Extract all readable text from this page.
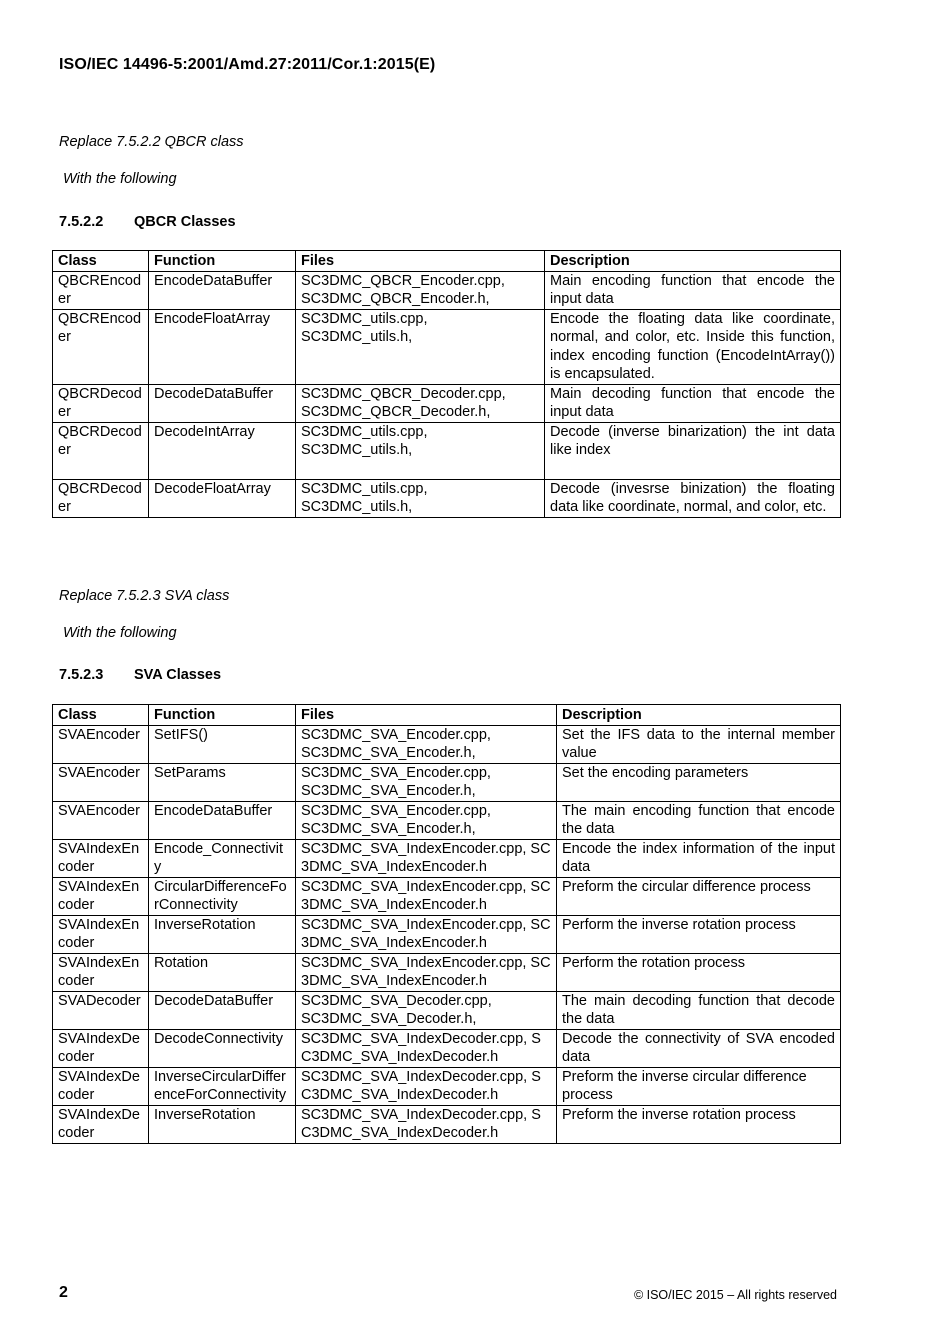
ISO/IEC 14496-5:2001/Amd.27:2011/Cor.1:2015(E)
Replace 7.5.2.2 QBCR class
With the following
7.5.2.2 QBCR Classes
Class	Function	Files	Description
QBCREncoder	EncodeDataBuffer	SC3DMC_QBCR_Encoder.cpp, SC3DMC_QBCR_Encoder.h,	Main encoding function that encode the input data
QBCREncoder	EncodeFloatArray	SC3DMC_utils.cpp, SC3DMC_utils.h,	Encode the floating data like coordinate, normal, and color, etc. Inside this function, index encoding function (EncodeIntArray()) is encapsulated.
QBCRDecoder	DecodeDataBuffer	SC3DMC_QBCR_Decoder.cpp, SC3DMC_QBCR_Decoder.h,	Main decoding function that encode the input data
QBCRDecoder	DecodeIntArray	SC3DMC_utils.cpp, SC3DMC_utils.h,	Decode (inverse binarization) the int data like index
QBCRDecoder	DecodeFloatArray	SC3DMC_utils.cpp, SC3DMC_utils.h,	Decode (invesrse binization) the floating data like coordinate, normal, and color, etc.
Replace 7.5.2.3 SVA class
With the following
7.5.2.3 SVA Classes
Class	Function	Files	Description
SVAEncoder	SetIFS()	SC3DMC_SVA_Encoder.cpp, SC3DMC_SVA_Encoder.h,	Set the IFS data to the internal member value
SVAEncoder	SetParams	SC3DMC_SVA_Encoder.cpp, SC3DMC_SVA_Encoder.h,	Set the encoding parameters
SVAEncoder	EncodeDataBuffer	SC3DMC_SVA_Encoder.cpp, SC3DMC_SVA_Encoder.h,	The main encoding function that encode the data
SVAIndexEncoder	Encode_Connectivity	SC3DMC_SVA_IndexEncoder.cpp, SC3DMC_SVA_IndexEncoder.h	Encode the index information of the input data
SVAIndexEncoder	CircularDifferenceForConnectivity	SC3DMC_SVA_IndexEncoder.cpp, SC3DMC_SVA_IndexEncoder.h	Preform the circular difference process
SVAIndexEncoder	InverseRotation	SC3DMC_SVA_IndexEncoder.cpp, SC3DMC_SVA_IndexEncoder.h	Perform the inverse rotation process
SVAIndexEncoder	Rotation	SC3DMC_SVA_IndexEncoder.cpp, SC3DMC_SVA_IndexEncoder.h	Perform the rotation process
SVADecoder	DecodeDataBuffer	SC3DMC_SVA_Decoder.cpp, SC3DMC_SVA_Decoder.h,	The main decoding function that decode the data
SVAIndexDecoder	DecodeConnectivity	SC3DMC_SVA_IndexDecoder.cpp, SC3DMC_SVA_IndexDecoder.h	Decode the connectivity of SVA encoded data
SVAIndexDecoder	InverseCircularDifferenceForConnectivity	SC3DMC_SVA_IndexDecoder.cpp, SC3DMC_SVA_IndexDecoder.h	Preform the inverse circular difference process
SVAIndexDecoder	InverseRotation	SC3DMC_SVA_IndexDecoder.cpp, SC3DMC_SVA_IndexDecoder.h	Preform the inverse rotation process
2	© ISO/IEC 2015 – All rights reserved
